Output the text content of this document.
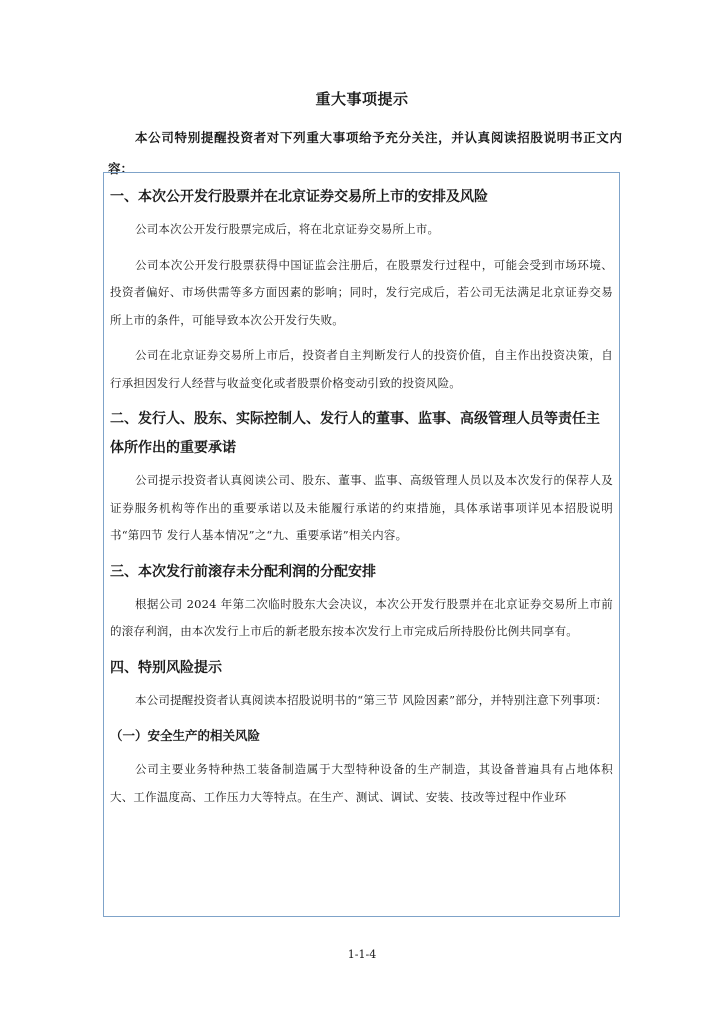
重大事项提示
本公司特别提醒投资者对下列重大事项给予充分关注，并认真阅读招股说明书正文内容：
一、本次公开发行股票并在北京证券交易所上市的安排及风险
公司本次公开发行股票完成后，将在北京证券交易所上市。
公司本次公开发行股票获得中国证监会注册后，在股票发行过程中，可能会受到市场环境、投资者偏好、市场供需等多方面因素的影响；同时，发行完成后，若公司无法满足北京证券交易所上市的条件，可能导致本次公开发行失败。
公司在北京证券交易所上市后，投资者自主判断发行人的投资价值，自主作出投资决策，自行承担因发行人经营与收益变化或者股票价格变动引致的投资风险。
二、发行人、股东、实际控制人、发行人的董事、监事、高级管理人员等责任主体所作出的重要承诺
公司提示投资者认真阅读公司、股东、董事、监事、高级管理人员以及本次发行的保荐人及证券服务机构等作出的重要承诺以及未能履行承诺的约束措施，具体承诺事项详见本招股说明书“第四节 发行人基本情况”之“九、重要承诺”相关内容。
三、本次发行前滚存未分配利润的分配安排
根据公司 2024 年第二次临时股东大会决议，本次公开发行股票并在北京证券交易所上市前的滚存利润，由本次发行上市后的新老股东按本次发行上市完成后所持股份比例共同享有。
四、特别风险提示
本公司提醒投资者认真阅读本招股说明书的“第三节 风险因素”部分，并特别注意下列事项：
（一）安全生产的相关风险
公司主要业务特种热工装备制造属于大型特种设备的生产制造，其设备普遍具有占地体积大、工作温度高、工作压力大等特点。在生产、测试、调试、安装、技改等过程中作业环
1-1-4
